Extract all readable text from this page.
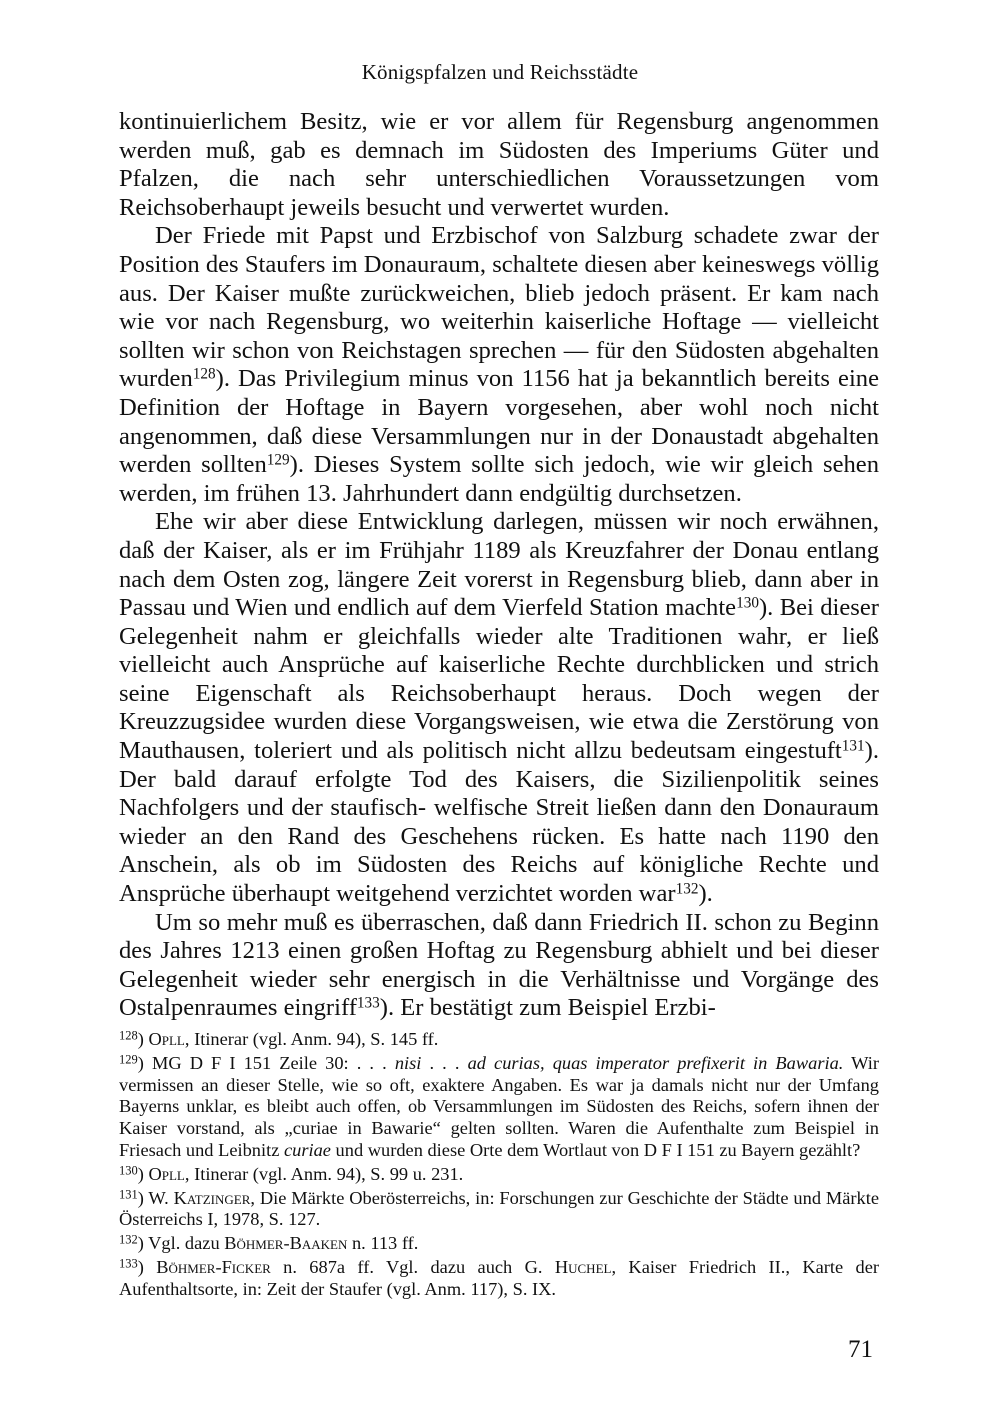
Königspfalzen und Reichsstädte

kontinuierlichem Besitz, wie er vor allem für Regensburg angenommen werden muß, gab es demnach im Südosten des Imperiums Güter und Pfalzen, die nach sehr unterschiedlichen Voraussetzungen vom Reichsoberhaupt jeweils besucht und verwertet wurden.

Der Friede mit Papst und Erzbischof von Salzburg schadete zwar der Position des Staufers im Donauraum, schaltete diesen aber keineswegs völlig aus. Der Kaiser mußte zurückweichen, blieb jedoch präsent. Er kam nach wie vor nach Regensburg, wo weiterhin kaiserliche Hoftage — vielleicht sollten wir schon von Reichstagen sprechen — für den Südosten abgehalten wurden$^{128}$). Das Privilegium minus von 1156 hat ja bekanntlich bereits eine Definition der Hoftage in Bayern vorgesehen, aber wohl noch nicht angenommen, daß diese Versammlungen nur in der Donaustadt abgehalten werden sollten$^{129}$). Dieses System sollte sich jedoch, wie wir gleich sehen werden, im frühen 13. Jahrhundert dann endgültig durchsetzen.

Ehe wir aber diese Entwicklung darlegen, müssen wir noch erwähnen, daß der Kaiser, als er im Frühjahr 1189 als Kreuzfahrer der Donau entlang nach dem Osten zog, längere Zeit vorerst in Regensburg blieb, dann aber in Passau und Wien und endlich auf dem Vierfeld Station machte$^{130}$). Bei dieser Gelegenheit nahm er gleichfalls wieder alte Traditionen wahr, er ließ vielleicht auch Ansprüche auf kaiserliche Rechte durchblicken und strich seine Eigenschaft als Reichsoberhaupt heraus. Doch wegen der Kreuzzugsidee wurden diese Vorgangsweisen, wie etwa die Zerstörung von Mauthausen, toleriert und als politisch nicht allzu bedeutsam eingestuft$^{131}$). Der bald darauf erfolgte Tod des Kaisers, die Sizilienpolitik seines Nachfolgers und der staufisch- welfische Streit ließen dann den Donauraum wieder an den Rand des Geschehens rücken. Es hatte nach 1190 den Anschein, als ob im Südosten des Reichs auf königliche Rechte und Ansprüche überhaupt weitgehend verzichtet worden war$^{132}$).

Um so mehr muß es überraschen, daß dann Friedrich II. schon zu Beginn des Jahres 1213 einen großen Hoftag zu Regensburg abhielt und bei dieser Gelegenheit wieder sehr energisch in die Verhältnisse und Vorgänge des Ostalpenraumes eingriff$^{133}$). Er bestätigt zum Beispiel Erzbi-

$^{128}$) Opll, Itinerar (vgl. Anm. 94), S. 145 ff.

$^{129}$) MG D F I 151 Zeile 30: . . . nisi . . . ad curias, quas imperator prefixerit in Bawaria. Wir vermissen an dieser Stelle, wie so oft, exaktere Angaben. Es war ja damals nicht nur der Umfang Bayerns unklar, es bleibt auch offen, ob Versammlungen im Südosten des Reichs, sofern ihnen der Kaiser vorstand, als „curiae in Bawarie“ gelten sollten. Waren die Aufenthalte zum Beispiel in Friesach und Leibnitz curiae und wurden diese Orte dem Wortlaut von D F I 151 zu Bayern gezählt?

$^{130}$) Opll, Itinerar (vgl. Anm. 94), S. 99 u. 231.

$^{131}$) W. Katzinger, Die Märkte Oberösterreichs, in: Forschungen zur Geschichte der Städte und Märkte Österreichs I, 1978, S. 127.

$^{132}$) Vgl. dazu Böhmer-Baaken n. 113 ff.

$^{133}$) Böhmer-Ficker n. 687a ff. Vgl. dazu auch G. Huchel, Kaiser Friedrich II., Karte der Aufenthaltsorte, in: Zeit der Staufer (vgl. Anm. 117), S. IX.

71
